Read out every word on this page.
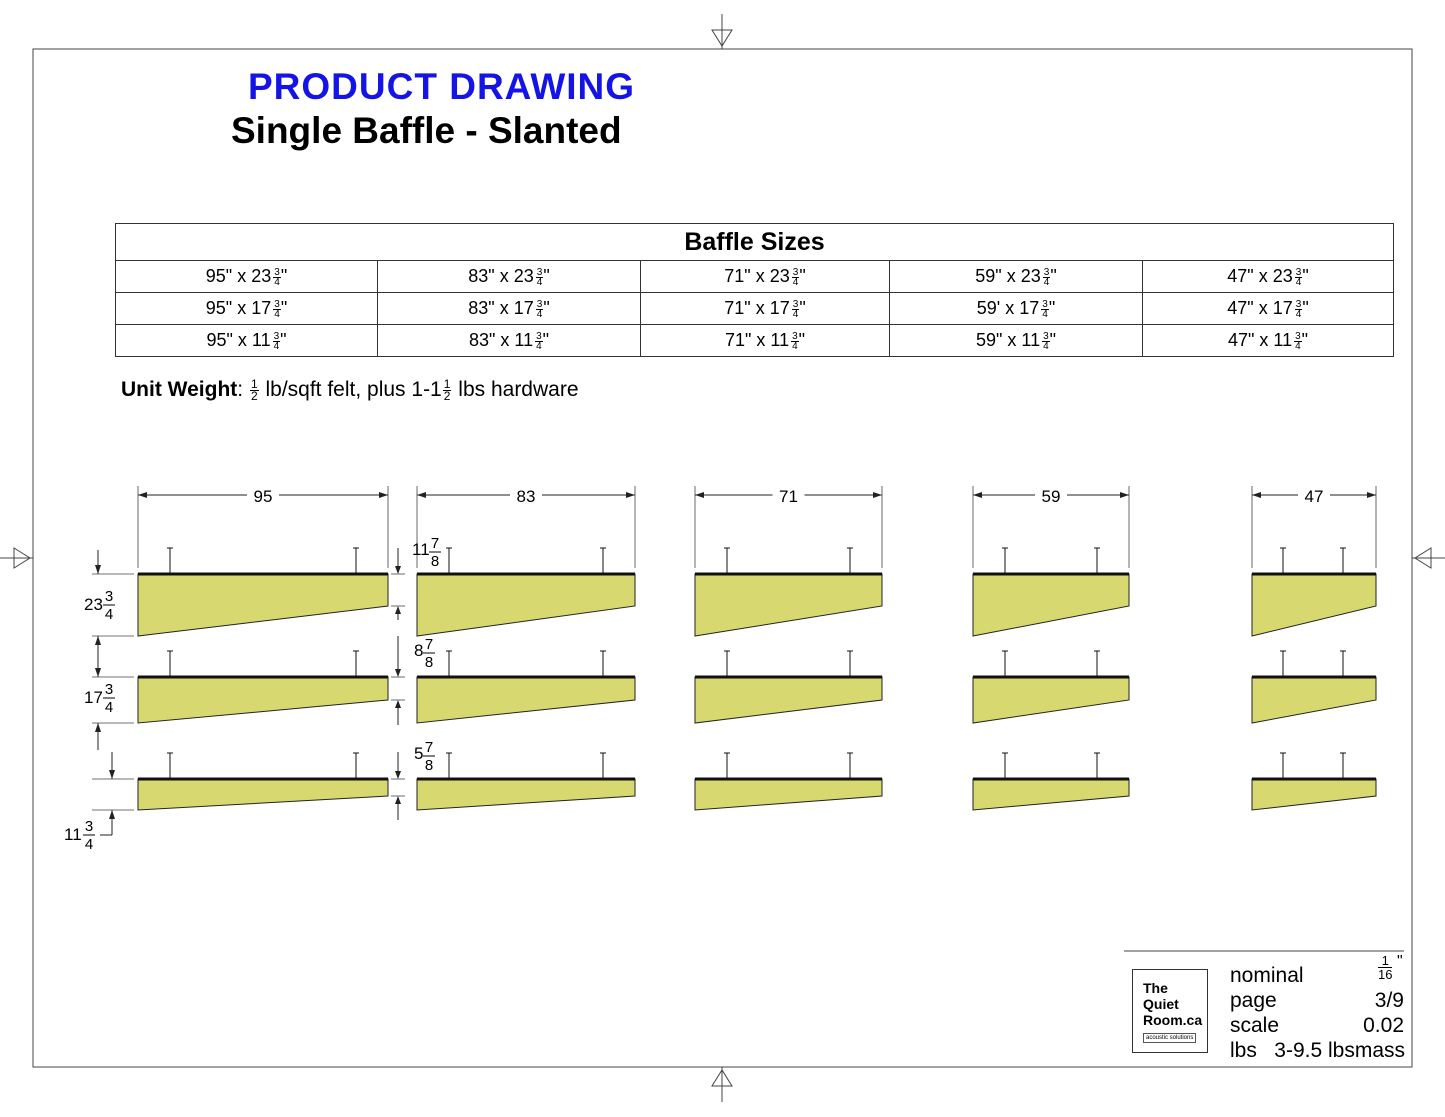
95	83	71	59	47
23 3
4
17 3
4
11 3
4
11 7
8
8 7
8
5 7
8
PRODUCT DRAWING
Single Baffle - Slanted
Baffle Sizes				
95" x $23 \frac{3}{4}$ "	83" x $23 \frac{3}{4}$ "	71" x $23 \frac{3}{4}$ "	59" x $23 \frac{3}{4}$ "	47" x $23 \frac{3}{4}$ "
95" x $17 \frac{3}{4}$ "	83" x $17 \frac{3}{4}$ "	71" x $17 \frac{3}{4}$ "	59' x $17 \frac{3}{4}$ "	47" x $17 \frac{3}{4}$ "
95" x $11 \frac{3}{4}$ "	83" x $11 \frac{3}{4}$ "	71" x $11 \frac{3}{4}$ "	59" x $11 \frac{3}{4}$ "	47" x $11 \frac{3}{4}$ "
Unit Weight: $\frac{1}{2}$ lb/sqft felt, plus $1-1 \frac{1}{2}$ lbs hardware
The
Quiet
Room.ca
acoustic solutions
nominal
1
16
"
page	3/9
scale	0.02
lbs 3-9.5 lbsmass
